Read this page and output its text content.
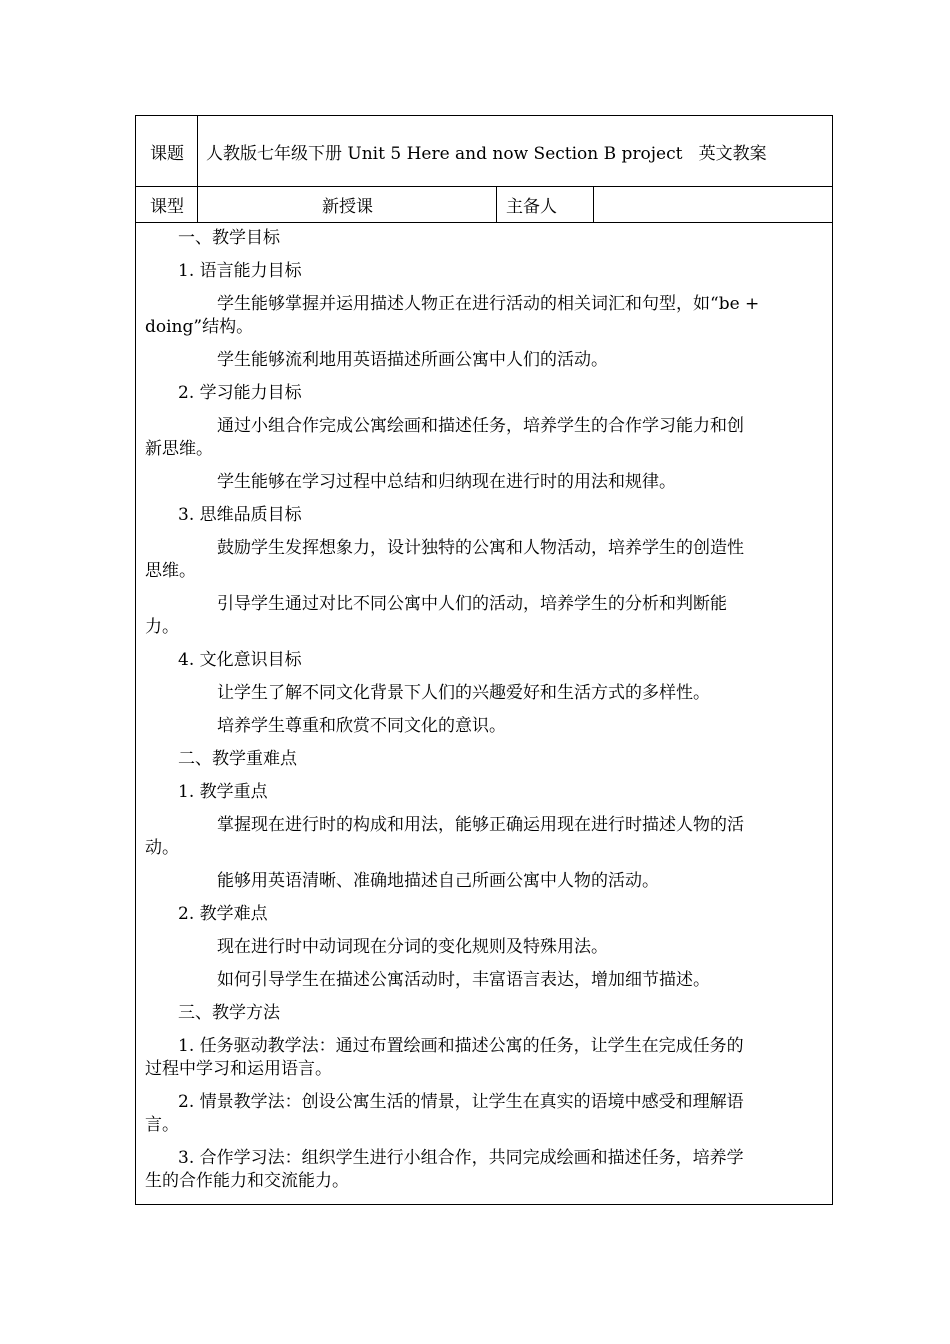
课题	人教版七年级下册 Unit 5 Here and now Section B project   英文教案
课型	新授课	主备人
一、教学目标
1. 语言能力目标
学生能够掌握并运用描述人物正在进行活动的相关词汇和句型，如“be +
doing”结构。
学生能够流利地用英语描述所画公寓中人们的活动。
2. 学习能力目标
通过小组合作完成公寓绘画和描述任务，培养学生的合作学习能力和创
新思维。
学生能够在学习过程中总结和归纳现在进行时的用法和规律。
3. 思维品质目标
鼓励学生发挥想象力，设计独特的公寓和人物活动，培养学生的创造性
思维。
引导学生通过对比不同公寓中人们的活动，培养学生的分析和判断能
力。
4. 文化意识目标
让学生了解不同文化背景下人们的兴趣爱好和生活方式的多样性。
培养学生尊重和欣赏不同文化的意识。
二、教学重难点
1. 教学重点
掌握现在进行时的构成和用法，能够正确运用现在进行时描述人物的活
动。
能够用英语清晰、准确地描述自己所画公寓中人物的活动。
2. 教学难点
现在进行时中动词现在分词的变化规则及特殊用法。
如何引导学生在描述公寓活动时，丰富语言表达，增加细节描述。
三、教学方法
1. 任务驱动教学法：通过布置绘画和描述公寓的任务，让学生在完成任务的
过程中学习和运用语言。
2. 情景教学法：创设公寓生活的情景，让学生在真实的语境中感受和理解语
言。
3. 合作学习法：组织学生进行小组合作，共同完成绘画和描述任务，培养学
生的合作能力和交流能力。
